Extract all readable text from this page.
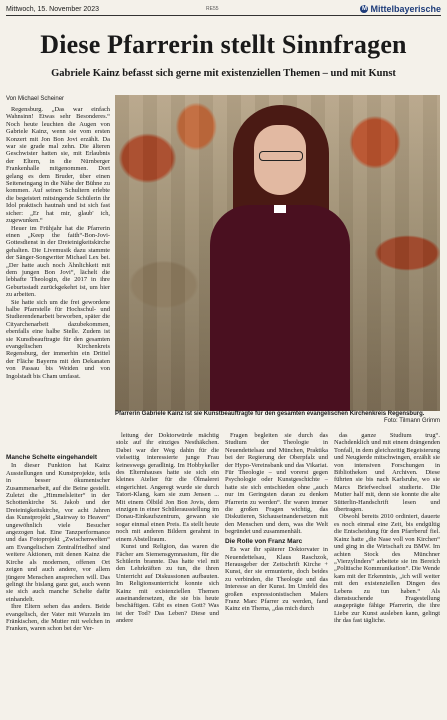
Mittwoch, 15. November 2023	RE55	M Mittelbayerische
Diese Pfarrerin stellt Sinnfragen
Gabriele Kainz befasst sich gerne mit existenziellen Themen – und mit Kunst
Von Michael Scheiner

Regensburg. „Das war einfach Wahnsinn! Etwas sehr Besonderes.“ Noch heute leuchten die Augen von Gabriele Kainz, wenn sie vom ersten Konzert mit Jon Bon Jovi erzählt. Da war sie grade mal zehn. Die älteren Geschwister hatten sie, mit Erlaubnis der Eltern, in die Nürnberger Frankenhalle mitgenommen. Dort gelang es dem Bruder, über einen Seiteneingang in die Nähe der Bühne zu kommen. Auf seinen Schultern erlebte die begeistert mitsingende Schülerin ihr Idol praktisch hautnah und ist sich fast sicher: „Er hat mir, glaub' ich, zugewunken.“

Heuer im Frühjahr hat die Pfarrerin einen „Keep the faith“-Bon-Jovi-Gottesdienst in der Dreieinigkeitskirche gehalten. Die Livemusik dazu stammte der Sänger-Songwriter Michael Lex bei. „Der hatte auch noch Ähnlichkeit mit dem jungen Bon Jovi“, lächelt die lebhafte Theologin, die 2017 in ihre Geburtsstadt zurückgekehrt ist, um hier zu arbeiten.

Sie hatte sich um die frei gewordene halbe Pfarrstelle für Hochschul- und Studierendenarbeit beworben, später die Cityarchenarbeit dazubekommen, ebenfalls eine halbe Stelle. Zudem ist sie Kunstbeauftragte für den gesamten evangelischen Kirchenkreis Regensburg, der immerhin ein Drittel der Fläche Bayerns mit den Dekanaten von Passau bis Weiden und von Ingolstadt bis Cham umfasst.

Manche Schelte eingehandelt

In dieser Funktion hat Kainz Ausstellungen und Kunstprojekte, teils in besser ökumenischer Zusammenarbeit, auf die Beine gestellt. Zuletzt die „Himmelsleiter“ in der Schottenkirche St. Jakob und der Dreieinigkeitskirche, vor acht Jahren das Kunstprojekt „Stairway to Heaven“ ungewöhnlich viele Besucher angezogen hat. Eine Tanzperformance und das Fotoprojekt „Zwischenwelten“ am Evangelischen Zentralfriedhof sind weitere Aktionen, mit denen Kainz die Kirche als modernen, offenen Ort zeigen und auch andere, vor allem jüngere Menschen ansprechen will. Das gelingt ihr bislang ganz gut, auch wenn sie sich auch manche Schelte dafür einhandelt.

Ihre Eltern sehen das anders. Beide evangelisch, der Vater mit Wurzeln im Fränkischen, die Mutter mit welchen in Franken, waren schon bei der Ver-

Pfarrerin Gabriele Kainz ist sie Kunstbeauftragte für den gesamten evangelischen Kirchenkreis Regensburg.
Foto: Tilmann Grimm

leitung der Doktorwürde mächtig stolz auf ihr einziges Nesthäkchen. Dabei war der Weg dahin für die vielseitig interessierte junge Frau keineswegs geradlinig. Im Hobbykeller des Elternhauses hatte sie sich ein kleines Atelier für die Ölmalerei eingerichtet. Angeregt wurde sie durch Tatort-Klang, kam sie zum Jensen ... Mit einem Ölbild Jon Bon Jovis, dem einzigen in einer Schülerausstellung im Donau-Einkaufszentrum, gewann sie sogar einmal einen Preis. Es stellt heute noch mit anderen Bildern gerahmt in einem Abstellraum.

Kunst und Religion, das waren die Fächer am Siemensgymnasium, für die Schülerin brannte. Das hatte viel mit den Lehrkräften zu tun, die ihren Unterricht auf Diskussionen aufbauten. Im Religionsunterricht konnte sich Kainz mit existenziellen Themen auseinandersetzen, die sie bis heute beschäftigen. Gibt es einen Gott? Was ist der Tod? Das Leben? Diese und andere

Fragen begleiten sie durch das Studium der Theologie in Neuendettelsau und München, Praktika bei der Regierung der Oberpfalz und der Hypo-Vereinsbank und das Vikariat. Für Theologie – und vorerst gegen Psychologie oder Kunstgeschichte – hatte sie sich entschieden ohne „auch nur im Geringsten daran zu denken Pfarrerin zu werden“. Ihr waren immer die großen Fragen wichtig, das Diskutieren, Sichauseinandersetzen mit den Menschen und dem, was die Welt begründet und zusammenhält.

Die Rolle von Franz Marc

Es war ihr späterer Doktorvater in Neuendettelsau, Klaus Raschzok, Herausgeber der Zeitschrift Kirche + Kunst, der sie ermunterte, doch beides zu verbinden, die Theologie und das Interesse an der Kunst. Im Umfeld des großen expressionistischen Malers Franz Marc Pfarrer zu werden, fand Kainz ein Thema, „das mich durch

das ganze Studium trug“. Nachdenklich und mit einem drängenden Tonfall, in dem gleichzeitig Begeisterung und Neugierde mitschwingen, erzählt sie von intensiven Forschungen in Bibliotheken und Archiven. Diese führten sie bis nach Karlsruhe, wo sie Marcs Briefwechsel studierte. Die Mutter half mit, denn sie konnte die alte Sütterlin-Handschrift lesen und übertragen.

Obwohl bereits 2010 ordiniert, dauerte es noch einmal eine Zeit, bis endgültig die Entscheidung für den Pfarrberuf fiel. Kainz hatte „die Nase voll von Kirchen“ und ging in die Wirtschaft zu BMW. Im achten Stock des Münchner „Vierzylinders“ arbeitete sie im Bereich „Politische Kommunikation“. Die Wende kam mit der Erkenntnis, „ich will weiter mit den existenziellen Dingen des Lebens zu tun haben.“ Als dienstsuchende Fragestellung ausgeprägte fähige Pfarrerin, die ihre Liebe zur Kunst ausleben kann, gelingt ihr das fast tägliche.
